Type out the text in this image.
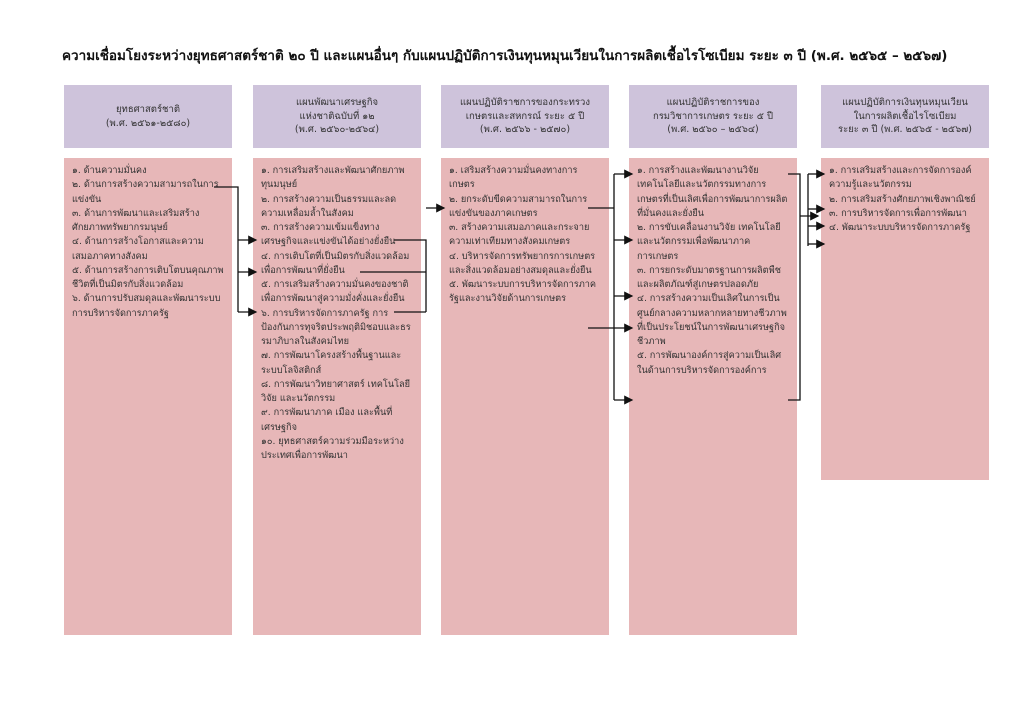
ความเชื่อมโยงระหว่างยุทธศาสตร์ชาติ ๒๐ ปี และแผนอื่นๆ กับแผนปฏิบัติการเงินทุนหมุนเวียนในการผลิตเชื้อไรโซเบียม ระยะ ๓ ปี (พ.ศ. ๒๕๖๕ – ๒๕๖๗)
ยุทธศาสตร์ชาติ
(พ.ศ. ๒๕๖๑-๒๕๘๐)
๑. ด้านความมั่นคง
๒. ด้านการสร้างความสามารถในการแข่งขัน
๓. ด้านการพัฒนาและเสริมสร้างศักยภาพทรัพยากรมนุษย์
๔. ด้านการสร้างโอกาสและความเสมอภาคทางสังคม
๕. ด้านการสร้างการเติบโตบนคุณภาพชีวิตที่เป็นมิตรกับสิ่งแวดล้อม
๖. ด้านการปรับสมดุลและพัฒนาระบบการบริหารจัดการภาครัฐ
แผนพัฒนาเศรษฐกิจ
แห่งชาติฉบับที่ ๑๒
(พ.ศ. ๒๕๖๐-๒๕๖๔)
๑. การเสริมสร้างและพัฒนาศักยภาพทุนมนุษย์
๒. การสร้างความเป็นธรรมและลดความเหลื่อมล้ำในสังคม
๓. การสร้างความเข้มแข็งทางเศรษฐกิจและแข่งขันได้อย่างยั่งยืน
๔. การเติบโตที่เป็นมิตรกับสิ่งแวดล้อมเพื่อการพัฒนาที่ยั่งยืน
๕. การเสริมสร้างความมั่นคงของชาติเพื่อการพัฒนาสู่ความมั่งคั่งและยั่งยืน
๖. การบริหารจัดการภาครัฐ การป้องกันการทุจริตประพฤติมิชอบและธรรมาภิบาลในสังคมไทย
๗. การพัฒนาโครงสร้างพื้นฐานและระบบโลจิสติกส์
๘. การพัฒนาวิทยาศาสตร์ เทคโนโลยี วิจัย และนวัตกรรม
๙. การพัฒนาภาค เมือง และพื้นที่เศรษฐกิจ
๑๐. ยุทธศาสตร์ความร่วมมือระหว่างประเทศเพื่อการพัฒนา
แผนปฏิบัติราชการของกระทรวง
เกษตรและสหกรณ์ ระยะ ๕ ปี
(พ.ศ. ๒๕๖๖ - ๒๕๗๐)
๑. เสริมสร้างความมั่นคงทางการเกษตร
๒. ยกระดับขีดความสามารถในการแข่งขันของภาคเกษตร
๓. สร้างความเสมอภาคและกระจายความเท่าเทียมทางสังคมเกษตร
๔. บริหารจัดการทรัพยากรการเกษตรและสิ่งแวดล้อมอย่างสมดุลและยั่งยืน
๕. พัฒนาระบบการบริหารจัดการภาครัฐและงานวิจัยด้านการเกษตร
แผนปฏิบัติราชการของ
กรมวิชาการเกษตร ระยะ ๕ ปี
(พ.ศ. ๒๕๖๐ – ๒๕๖๔)
๑. การสร้างและพัฒนางานวิจัย เทคโนโลยีและนวัตกรรมทางการเกษตรที่เป็นเลิศเพื่อการพัฒนาการผลิตที่มั่นคงและยั่งยืน
๒. การขับเคลื่อนงานวิจัย เทคโนโลยีและนวัตกรรมเพื่อพัฒนาภาคการเกษตร
๓. การยกระดับมาตรฐานการผลิตพืชและผลิตภัณฑ์สู่เกษตรปลอดภัย
๔. การสร้างความเป็นเลิศในการเป็นศูนย์กลางความหลากหลายทางชีวภาพที่เป็นประโยชน์ในการพัฒนาเศรษฐกิจชีวภาพ
๕. การพัฒนาองค์การสู่ความเป็นเลิศในด้านการบริหารจัดการองค์การ
แผนปฏิบัติการเงินทุนหมุนเวียน
ในการผลิตเชื้อไรโซเบียม
ระยะ ๓ ปี (พ.ศ. ๒๕๖๕ - ๒๕๖๗)
๑. การเสริมสร้างและการจัดการองค์ความรู้และนวัตกรรม
๒. การเสริมสร้างศักยภาพเชิงพาณิชย์
๓. การบริหารจัดการเพื่อการพัฒนา
๔. พัฒนาระบบบริหารจัดการภาครัฐ
